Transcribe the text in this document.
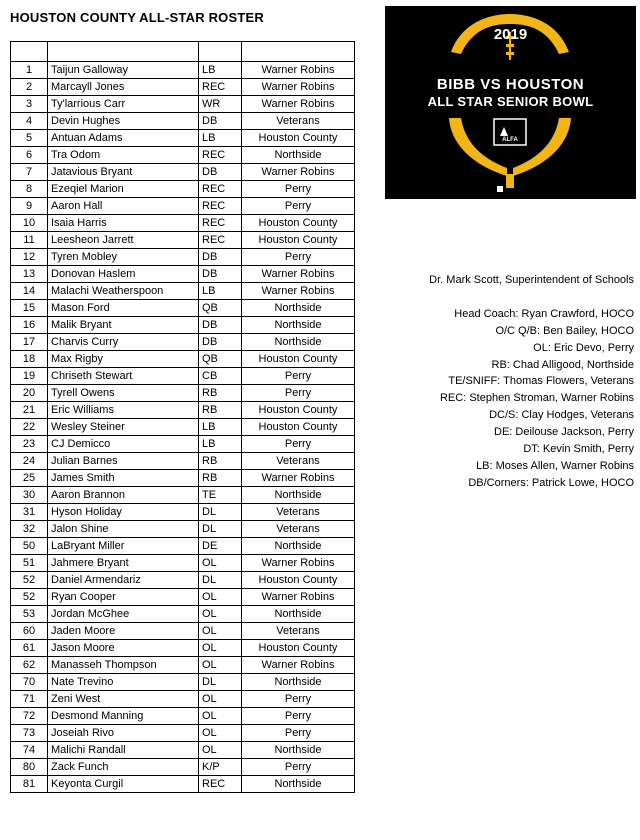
HOUSTON COUNTY ALL-STAR ROSTER

1	Taijun Galloway	LB	Warner Robins
2	Marcayll Jones	REC	Warner Robins
3	Ty'larrious Carr	WR	Warner Robins
4	Devin Hughes	DB	Veterans
5	Antuan Adams	LB	Houston County
6	Tra Odom	REC	Northside
7	Jatavious Bryant	DB	Warner Robins
8	Ezeqiel Marion	REC	Perry
9	Aaron Hall	REC	Perry
10	Isaia Harris	REC	Houston County
11	Leesheon Jarrett	REC	Houston County
12	Tyren Mobley	DB	Perry
13	Donovan Haslem	DB	Warner Robins
14	Malachi Weatherspoon	LB	Warner Robins
15	Mason Ford	QB	Northside
16	Malik Bryant	DB	Northside
17	Charvis Curry	DB	Northside
18	Max Rigby	QB	Houston County
19	Chriseth Stewart	CB	Perry
20	Tyrell Owens	RB	Perry
21	Eric Williams	RB	Houston County
22	Wesley Steiner	LB	Houston County
23	CJ Demicco	LB	Perry
24	Julian Barnes	RB	Veterans
25	James Smith	RB	Warner Robins
30	Aaron Brannon	TE	Northside
31	Hyson Holiday	DL	Veterans
32	Jalon Shine	DL	Veterans
50	LaBryant Miller	DE	Northside
51	Jahmere Bryant	OL	Warner Robins
52	Daniel Armendariz	DL	Houston County
52	Ryan Cooper	OL	Warner Robins
53	Jordan McGhee	OL	Northside
60	Jaden Moore	OL	Veterans
61	Jason Moore	OL	Houston County
62	Manasseh Thompson	OL	Warner Robins
70	Nate Trevino	DL	Northside
71	Zeni West	OL	Perry
72	Desmond Manning	OL	Perry
73	Joseiah Rivo	OL	Perry
74	Malichi Randall	OL	Northside
80	Zack Funch	K/P	Perry
81	Keyonta Curgil	REC	Northside
2019
BIBB VS HOUSTON
ALL STAR SENIOR BOWL
ALFA
Dr. Mark Scott, Superintendent of Schools
Head Coach: Ryan Crawford, HOCO
O/C Q/B: Ben Bailey, HOCO
OL: Eric Devo, Perry
RB: Chad Alligood, Northside
TE/SNIFF: Thomas Flowers, Veterans
REC: Stephen Stroman, Warner Robins
DC/S: Clay Hodges, Veterans
DE: Deilouse Jackson, Perry
DT: Kevin Smith, Perry
LB: Moses Allen, Warner Robins
DB/Corners: Patrick Lowe, HOCO
